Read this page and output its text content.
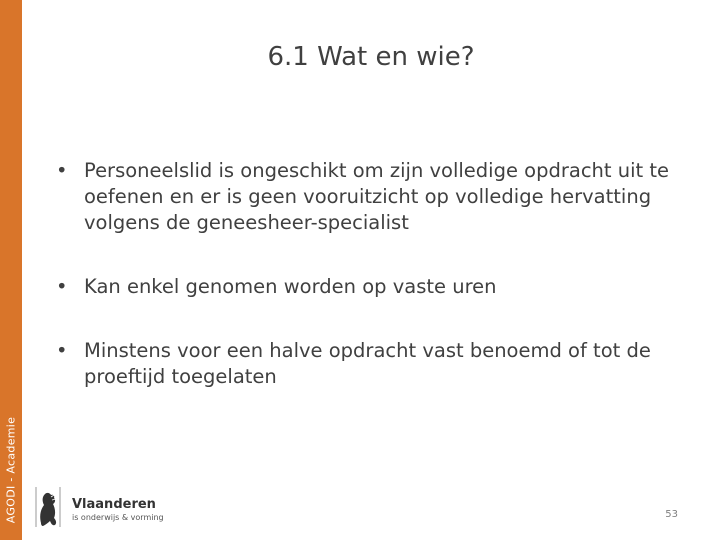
AGODI - Academie
6.1 Wat en wie?
• Personeelslid is ongeschikt om zijn volledige opdracht uit te oefenen en er is geen vooruitzicht op volledige hervatting volgens de geneesheer-specialist
• Kan enkel genomen worden op vaste uren
• Minstens voor een halve opdracht vast benoemd of tot de proeftijd toegelaten
Vlaanderen
is onderwijs & vorming	53
